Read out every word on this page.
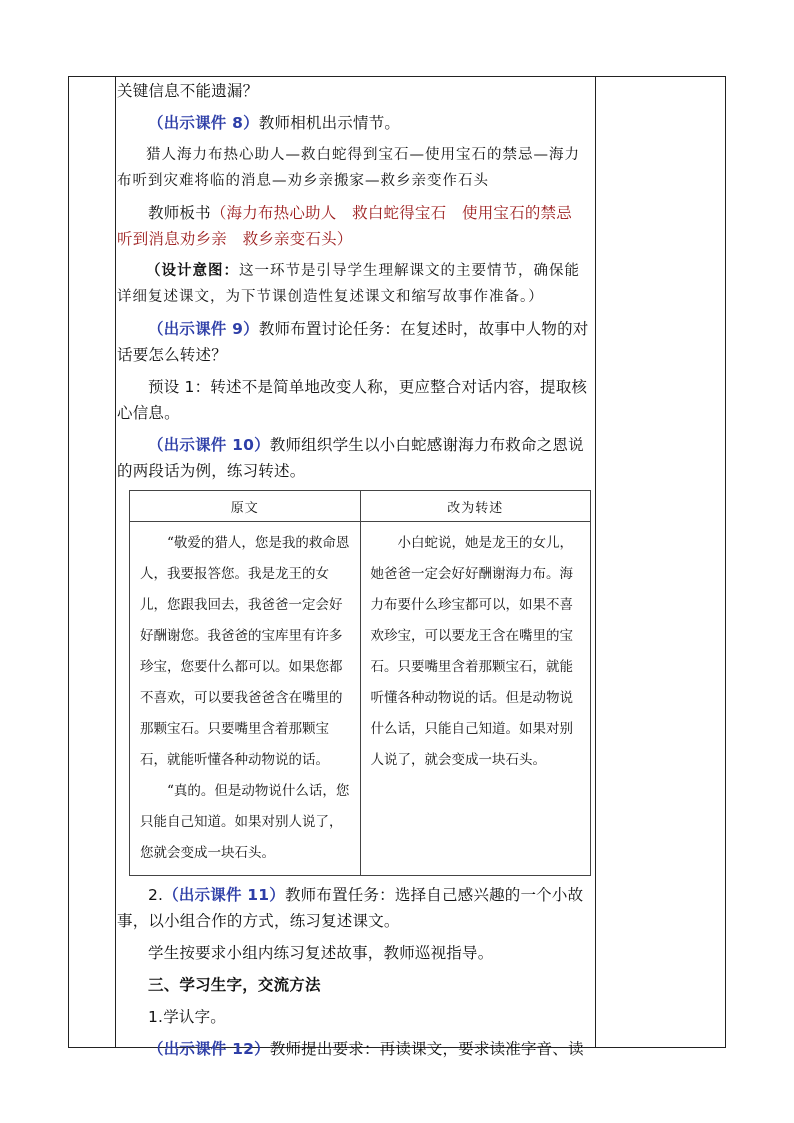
关键信息不能遗漏？

（出示课件 8）教师相机出示情节。

猎人海力布热心助人—救白蛇得到宝石—使用宝石的禁忌—海力布听到灾难将临的消息—劝乡亲搬家—救乡亲变作石头

教师板书（海力布热心助人　救白蛇得宝石　使用宝石的禁忌　听到消息劝乡亲　救乡亲变石头）

（设计意图：这一环节是引导学生理解课文的主要情节，确保能详细复述课文，为下节课创造性复述课文和缩写故事作准备。）

（出示课件 9）教师布置讨论任务：在复述时，故事中人物的对话要怎么转述？

预设 1：转述不是简单地改变人称，更应整合对话内容，提取核心信息。

（出示课件 10）教师组织学生以小白蛇感谢海力布救命之恩说的两段话为例，练习转述。

原文	改为转述

“敬爱的猎人，您是我的救命恩人，我要报答您。我是龙王的女儿，您跟我回去，我爸爸一定会好好酬谢您。我爸爸的宝库里有许多珍宝，您要什么都可以。如果您都不喜欢，可以要我爸爸含在嘴里的那颗宝石。只要嘴里含着那颗宝石，就能听懂各种动物说的话。

“真的。但是动物说什么话，您只能自己知道。如果对别人说了，您就会变成一块石头。	小白蛇说，她是龙王的女儿，她爸爸一定会好好酬谢海力布。海力布要什么珍宝都可以，如果不喜欢珍宝，可以要龙王含在嘴里的宝石。只要嘴里含着那颗宝石，就能听懂各种动物说的话。但是动物说什么话，只能自己知道。如果对别人说了，就会变成一块石头。

2.（出示课件 11）教师布置任务：选择自己感兴趣的一个小故事，以小组合作的方式，练习复述课文。

学生按要求小组内练习复述故事，教师巡视指导。

三、学习生字，交流方法

1.学认字。

（出示课件 12）教师提出要求：再读课文，要求读准字音、读
